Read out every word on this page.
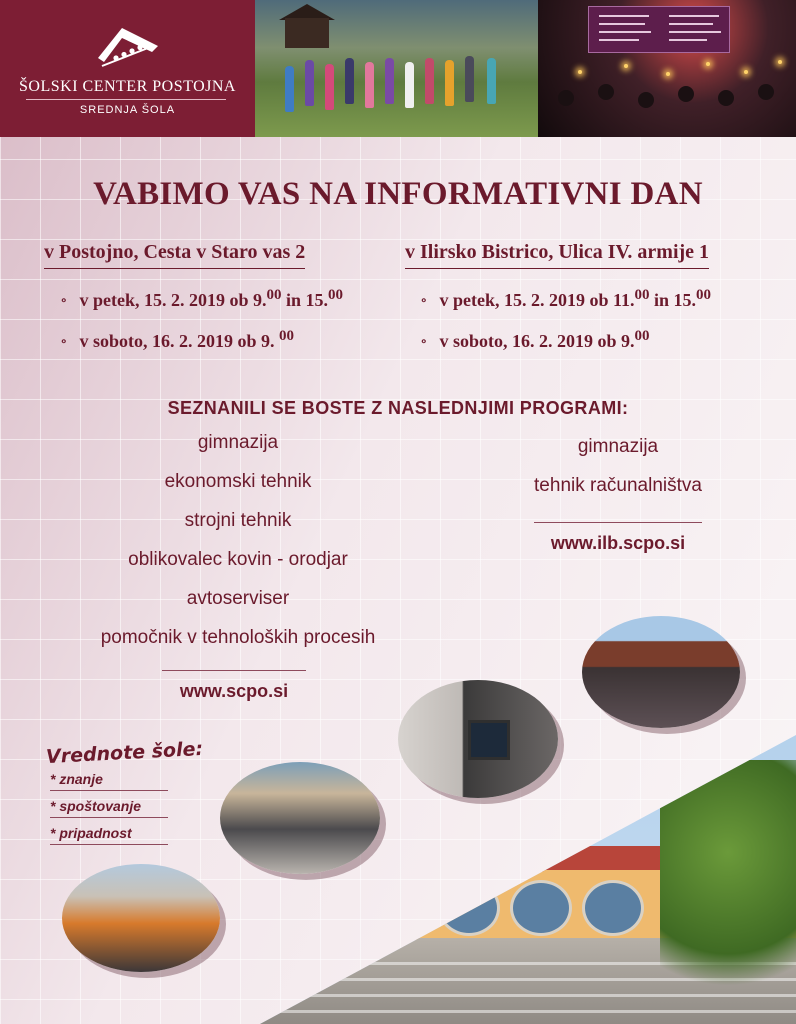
ŠOLSKI CENTER POSTOJNA
SREDNJA ŠOLA
VABIMO VAS NA INFORMATIVNI DAN
v Postojno, Cesta v Staro vas 2	v Ilirsko Bistrico, Ulica IV. armije 1
∘ v petek, 15. 2. 2019 ob 9.00 in 15.00
∘ v soboto, 16. 2. 2019 ob 9. $^{00}$
∘ v petek, 15. 2. 2019 ob 11.00 in 15.00
∘ v soboto, 16. 2. 2019 ob 9.00
SEZNANILI SE BOSTE Z NASLEDNJIMI PROGRAMI:
gimnazija
ekonomski tehnik
strojni tehnik
oblikovalec kovin - orodjar
avtoserviser
pomočnik v tehnoloških procesih
gimnazija
tehnik računalništva
www.ilb.scpo.si
www.scpo.si
Vrednote šole:
* znanje
* spoštovanje
* pripadnost
